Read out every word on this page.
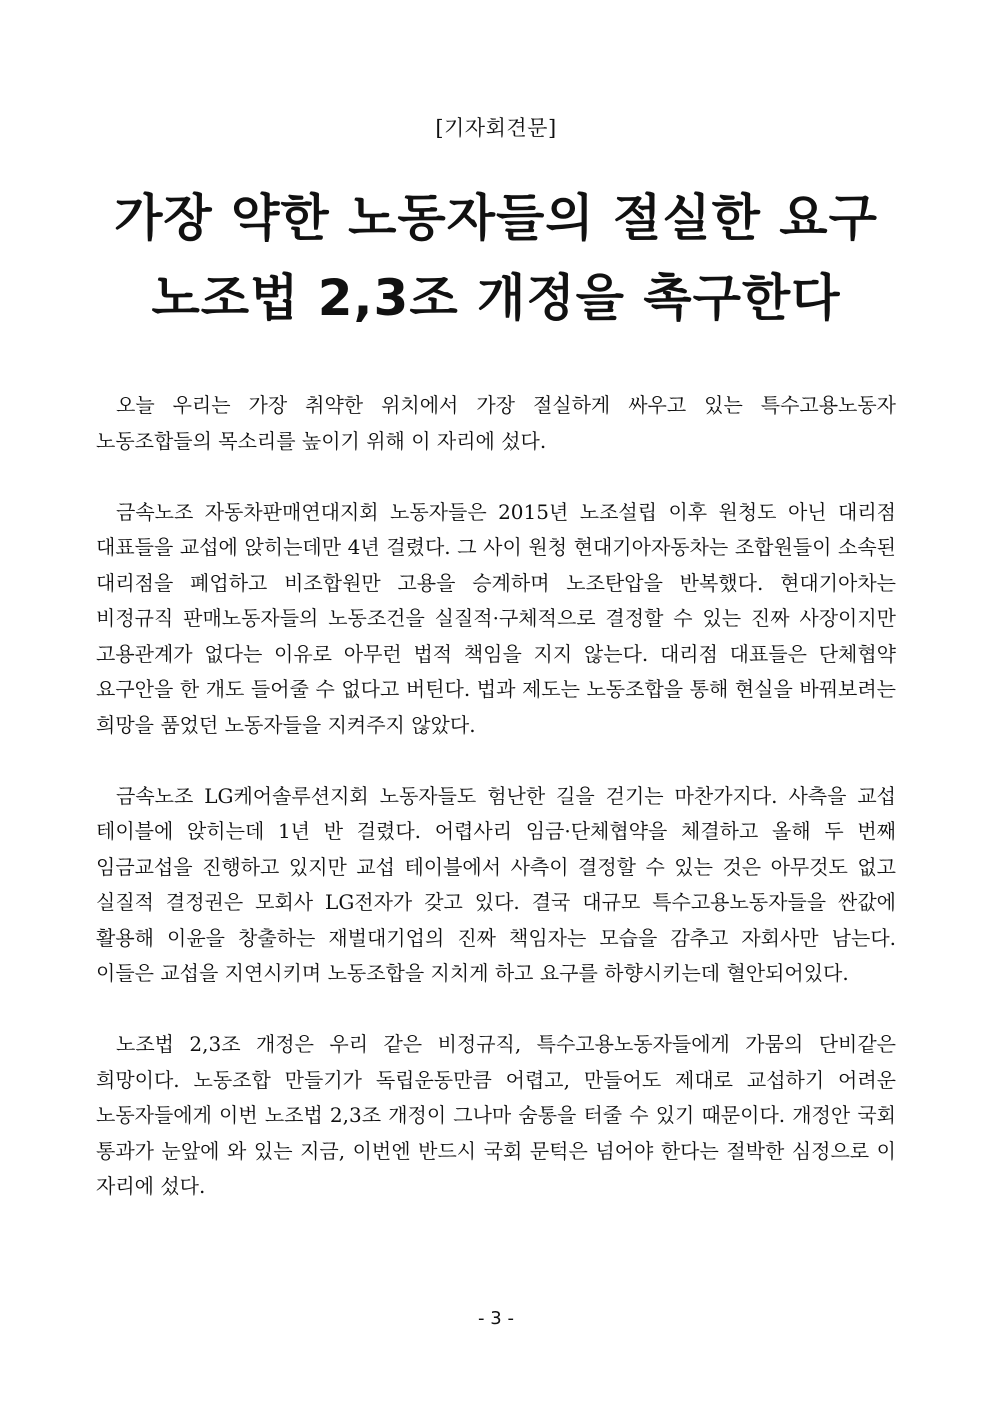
[기자회견문]
가장 약한 노동자들의 절실한 요구
노조법 2,3조 개정을 촉구한다

오늘 우리는 가장 취약한 위치에서 가장 절실하게 싸우고 있는 특수고용노동자 노동조합들의 목소리를 높이기 위해 이 자리에 섰다.

금속노조 자동차판매연대지회 노동자들은 2015년 노조설립 이후 원청도 아닌 대리점 대표들을 교섭에 앉히는데만 4년 걸렸다. 그 사이 원청 현대기아자동차는 조합원들이 소속된 대리점을 폐업하고 비조합원만 고용을 승계하며 노조탄압을 반복했다. 현대기아차는 비정규직 판매노동자들의 노동조건을 실질적·구체적으로 결정할 수 있는 진짜 사장이지만 고용관계가 없다는 이유로 아무런 법적 책임을 지지 않는다. 대리점 대표들은 단체협약 요구안을 한 개도 들어줄 수 없다고 버틴다. 법과 제도는 노동조합을 통해 현실을 바꿔보려는 희망을 품었던 노동자들을 지켜주지 않았다.

금속노조 LG케어솔루션지회 노동자들도 험난한 길을 걷기는 마찬가지다. 사측을 교섭 테이블에 앉히는데 1년 반 걸렸다. 어렵사리 임금·단체협약을 체결하고 올해 두 번째 임금교섭을 진행하고 있지만 교섭 테이블에서 사측이 결정할 수 있는 것은 아무것도 없고 실질적 결정권은 모회사 LG전자가 갖고 있다. 결국 대규모 특수고용노동자들을 싼값에 활용해 이윤을 창출하는 재벌대기업의 진짜 책임자는 모습을 감추고 자회사만 남는다. 이들은 교섭을 지연시키며 노동조합을 지치게 하고 요구를 하향시키는데 혈안되어있다.

노조법 2,3조 개정은 우리 같은 비정규직, 특수고용노동자들에게 가뭄의 단비같은 희망이다. 노동조합 만들기가 독립운동만큼 어렵고, 만들어도 제대로 교섭하기 어려운 노동자들에게 이번 노조법 2,3조 개정이 그나마 숨통을 터줄 수 있기 때문이다. 개정안 국회 통과가 눈앞에 와 있는 지금, 이번엔 반드시 국회 문턱은 넘어야 한다는 절박한 심정으로 이 자리에 섰다.

- 3 -
